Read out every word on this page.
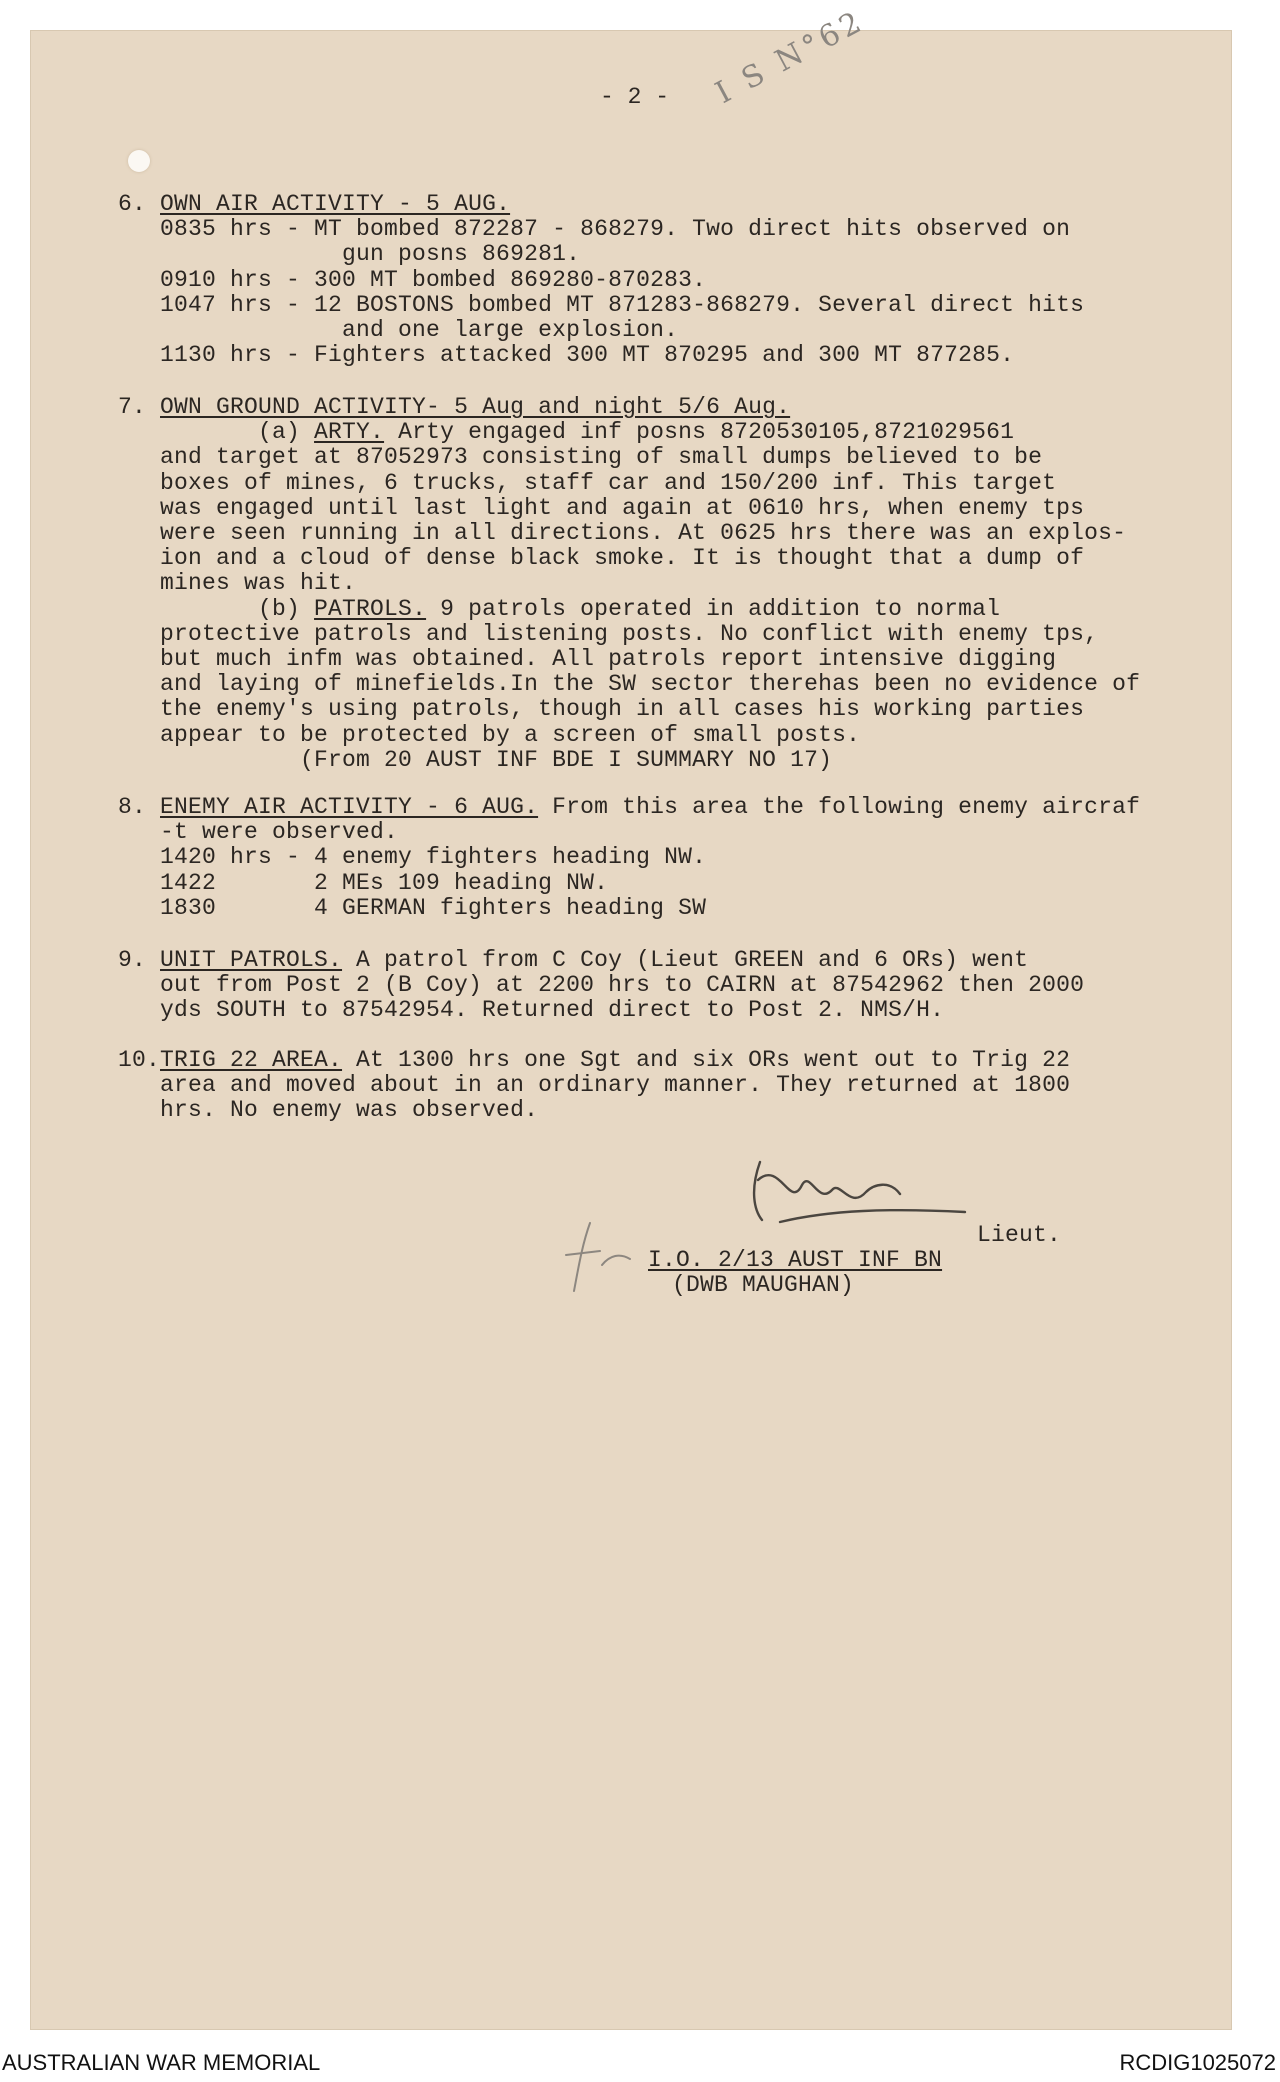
- 2 - I S N°62
6. OWN AIR ACTIVITY - 5 AUG.
0835 hrs - MT bombed 872287 - 868279. Two direct hits observed on
gun posns 869281.
0910 hrs - 300 MT bombed 869280-870283.
1047 hrs - 12 BOSTONS bombed MT 871283-868279. Several direct hits
and one large explosion.
1130 hrs - Fighters attacked 300 MT 870295 and 300 MT 877285.
7. OWN GROUND ACTIVITY- 5 Aug and night 5/6 Aug.
(a) ARTY. Arty engaged inf posns 8720530105,8721029561
and target at 87052973 consisting of small dumps believed to be
boxes of mines, 6 trucks, staff car and 150/200 inf. This target
was engaged until last light and again at 0610 hrs, when enemy tps
were seen running in all directions. At 0625 hrs there was an explos-
ion and a cloud of dense black smoke. It is thought that a dump of
mines was hit.
(b) PATROLS. 9 patrols operated in addition to normal
protective patrols and listening posts. No conflict with enemy tps,
but much infm was obtained. All patrols report intensive digging
and laying of minefields.In the SW sector therehas been no evidence of
the enemy's using patrols, though in all cases his working parties
appear to be protected by a screen of small posts.
(From 20 AUST INF BDE I SUMMARY NO 17)
8. ENEMY AIR ACTIVITY - 6 AUG. From this area the following enemy aircraf
-t were observed.
1420 hrs - 4 enemy fighters heading NW.
1422       2 MEs 109 heading NW.
1830       4 GERMAN fighters heading SW
9. UNIT PATROLS. A patrol from C Coy (Lieut GREEN and 6 ORs) went
out from Post 2 (B Coy) at 2200 hrs to CAIRN at 87542962 then 2000
yds SOUTH to 87542954. Returned direct to Post 2. NMS/H.
10.TRIG 22 AREA. At 1300 hrs one Sgt and six ORs went out to Trig 22
area and moved about in an ordinary manner. They returned at 1800
hrs. No enemy was observed.
Lieut.
I.O. 2/13 AUST INF BN
(DWB MAUGHAN)
AUSTRALIAN WAR MEMORIAL	RCDIG1025072
